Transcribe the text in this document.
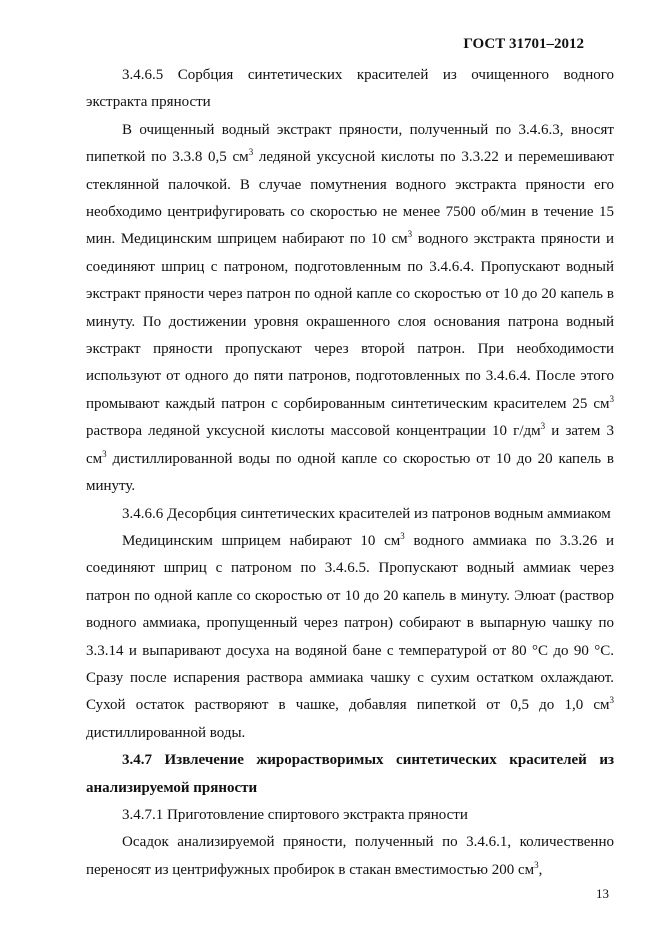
ГОСТ 31701–2012

3.4.6.5 Сорбция синтетических красителей из очищенного водного экстракта пряности

В очищенный водный экстракт пряности, полученный по 3.4.6.3, вносят пипеткой по 3.3.8 0,5 $см^3$ ледяной уксусной кислоты по 3.3.22 и перемешивают стеклянной палочкой. В случае помутнения водного экстракта пряности его необходимо центрифугировать со скоростью не менее 7500 об/мин в течение 15 мин. Медицинским шприцем набирают по 10 $см^3$ водного экстракта пряности и соединяют шприц с патроном, подготовленным по 3.4.6.4. Пропускают водный экстракт пряности через патрон по одной капле со скоростью от 10 до 20 капель в минуту. По достижении уровня окрашенного слоя основания патрона водный экстракт пряности пропускают через второй патрон. При необходимости используют от одного до пяти патронов, подготовленных по 3.4.6.4. После этого промывают каждый патрон с сорбированным синтетическим красителем 25 $см^3$ раствора ледяной уксусной кислоты массовой концентрации 10 $г/дм^3$ и затем 3 $см^3$ дистиллированной воды по одной капле со скоростью от 10 до 20 капель в минуту.

3.4.6.6 Десорбция синтетических красителей из патронов водным аммиаком

Медицинским шприцем набирают 10 $см^3$ водного аммиака по 3.3.26 и соединяют шприц с патроном по 3.4.6.5. Пропускают водный аммиак через патрон по одной капле со скоростью от 10 до 20 капель в минуту. Элюат (раствор водного аммиака, пропущенный через патрон) собирают в выпарную чашку по 3.3.14 и выпаривают досуха на водяной бане с температурой от 80 °С до 90 °С. Сразу после испарения раствора аммиака чашку с сухим остатком охлаждают. Сухой остаток растворяют в чашке, добавляя пипеткой от 0,5 до 1,0 $см^3$ дистиллированной воды.

3.4.7 Извлечение жирорастворимых синтетических красителей из анализируемой пряности

3.4.7.1 Приготовление спиртового экстракта пряности

Осадок анализируемой пряности, полученный по 3.4.6.1, количественно переносят из центрифужных пробирок в стакан вместимостью 200 $см^3$,

13
